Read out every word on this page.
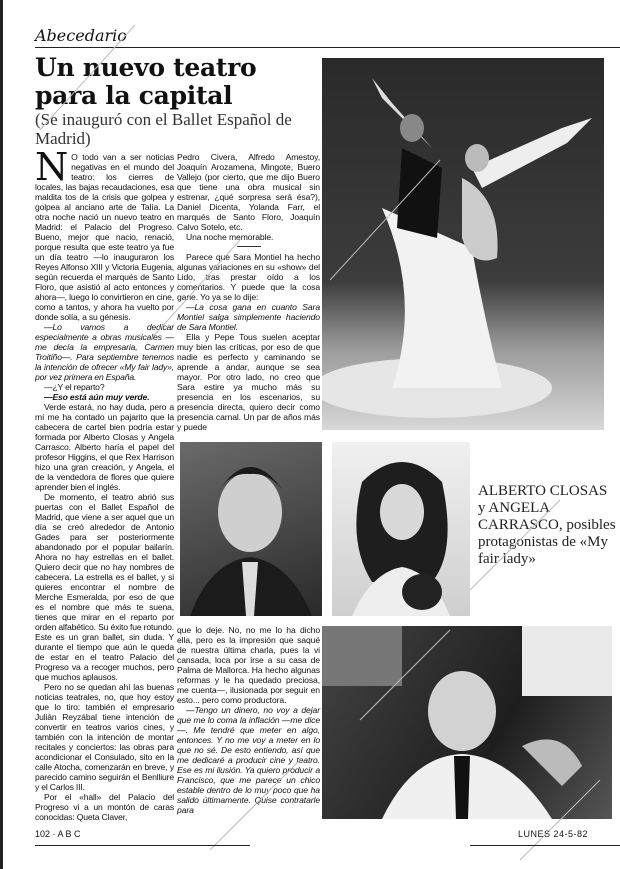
Abecedario
Un nuevo teatro para la capital
(Se inauguró con el Ballet Español de Madrid)

N O todo van a ser noticias negativas en el mundo del teatro: los cierres de locales, las bajas recaudaciones, esa maldita tos de la crisis que golpea y golpea al anciano arte de Talía. La otra noche nació un nuevo teatro en Madrid: el Palacio del Progreso. Bueno, mejor que nacio, renació, porque resulta que este teatro ya fue un día teatro —lo inauguraron los Reyes Alfonso XIII y Victoria Eugenia, según recuerda el marqués de Santo Floro, que asistió al acto entonces y ahora—, luego lo convirtieron en cine, como a tantos, y ahora ha vuelto por donde solía, a su génesis.

—Lo vamos a dedicar especialmente a obras musicales —me decía la empresaria, Carmen Troitiño—. Para septiembre tenemos la intención de ofrecer «My fair lady», por vez primera en España.

—¿Y el reparto?

—Eso está aún muy verde.

Verde estará, no hay duda, pero a mí me ha contado un pajarito que la cabecera de cartel bien podría estar formada por Alberto Closas y Angela Carrasco. Alberto haría el papel del profesor Higgins, el que Rex Harrison hizo una gran creación, y Angela, el de la vendedora de flores que quiere aprender bien el inglés.

De momento, el teatro abrió sus puertas con el Ballet Español de Madrid, que viene a ser aquel que un día se creó alrededor de Antonio Gades para ser posteriormente abandonado por el popular bailarín. Ahora no hay estrellas en el ballet. Quiero decir que no hay nombres de cabecera. La estrella es el ballet, y si quieres encontrar el nombre de Merche Esmeralda, por eso de que es el nombre que más te suena, tienes que mirar en el reparto por orden alfabético. Su éxito fue rotundo. Este es un gran ballet, sin duda. Y durante el tiempo que aún le queda de estar en el teatro Palacio del Progreso va a recoger muchos, pero que muchos aplausos.

Pero no se quedan ahí las buenas noticias teatrales, no, que hoy estoy que lo tiro: también el empresario Julián Reyzábal tiene intención de convertir en teatros varios cines, y también con la intención de montar recitales y conciertos: las obras para acondicionar el Consulado, sito en la calle Atocha, comenzarán en breve, y parecido camino seguirán el Benlliure y el Carlos III.

Por el «hall» del Palacio del Progreso vi a un montón de caras conocidas: Queta Claver,

Pedro Civera, Alfredo Amestoy, Joaquín Arozamena, Mingote, Buero Vallejo (por cierto, que me dijo Buero que tiene una obra musical sin estrenar, ¿qué sorpresa será ésa?), Daniel Dicenta, Yolanda Farr, el marqués de Santo Floro, Joaquín Calvo Sotelo, etc.

Una noche memorable.

Parece que Sara Montiel ha hecho algunas variaciones en su «show» del Lido, tras prestar oído a los comentarios. Y puede que la cosa gane. Yo ya se lo dije:

—La cosa gana en cuanto Sara Montiel salga simplemente haciendo de Sara Montiel.

Ella y Pepe Tous suelen aceptar muy bien las críticas, por eso de que nadie es perfecto y caminando se aprende a andar, aunque se sea mayor. Por otro lado, no creo que Sara estire ya mucho más su presencia en los escenarios, su presencia directa, quiero decir como presencia carnal. Un par de años más y puede

que lo deje. No, no me lo ha dicho ella, pero es la impresión que saqué de nuestra última charla, pues la vi cansada, loca por irse a su casa de Palma de Mallorca. Ha hecho algunas reformas y le ha quedado preciosa, me cuenta—, ilusionada por seguir en esto... pero como productora.

—Tengo un dinero, no voy a dejar que me lo coma la inflación —me dice—. Me tendré que meter en algo, entonces. Y no me voy a meter en lo que no sé. De esto entiendo, así que me dedicaré a producir cine y teatro. Ese es mi ilusión. Ya quiero producir a Francisco, que me parece un chico estable dentro de lo muy poco que ha salido últimamente. Quise contratarle para

ALBERTO CLOSAS y ANGELA CARRASCO, posibles protagonistas de «My fair lady»
102 · A B C	LUNES 24-5-82
